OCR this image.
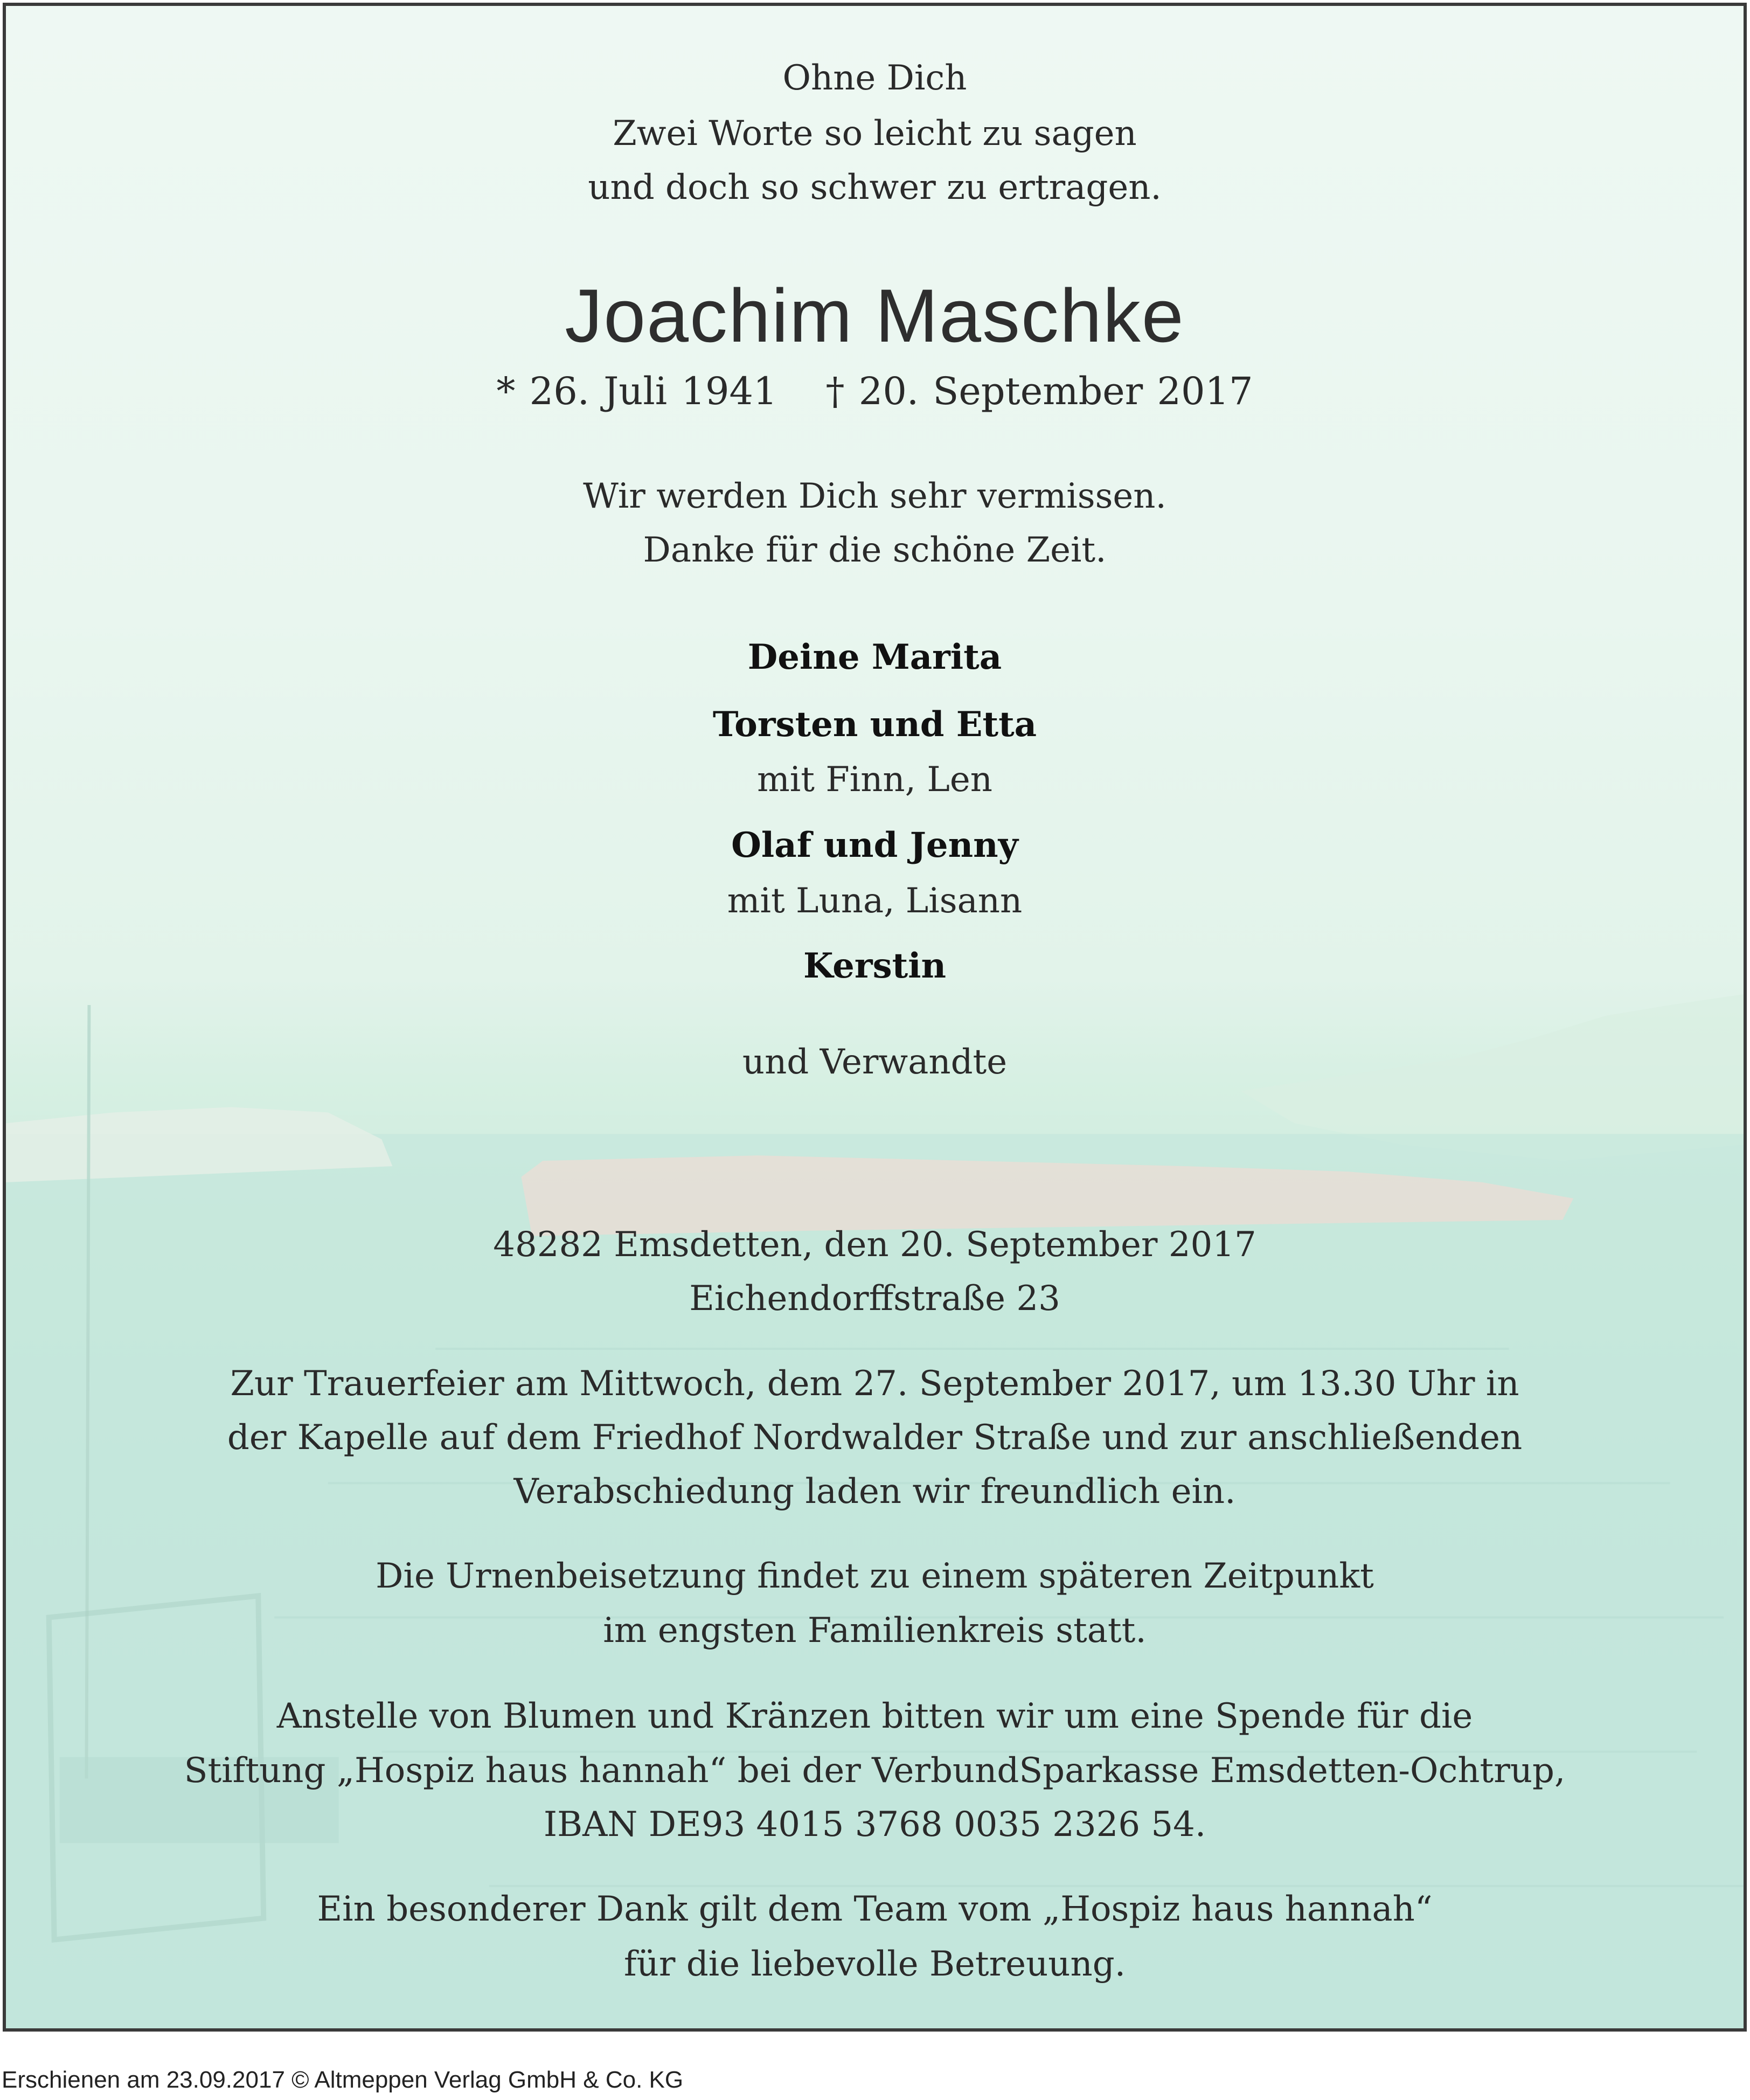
Ohne Dich
Zwei Worte so leicht zu sagen
und doch so schwer zu ertragen.
Joachim Maschke
* 26. Juli 1941 † 20. September 2017
Wir werden Dich sehr vermissen.
Danke für die schöne Zeit.
Deine Marita
Torsten und Etta
mit Finn, Len
Olaf und Jenny
mit Luna, Lisann
Kerstin
und Verwandte
48282 Emsdetten, den 20. September 2017
Eichendorffstraße 23
Zur Trauerfeier am Mittwoch, dem 27. September 2017, um 13.30 Uhr in
der Kapelle auf dem Friedhof Nordwalder Straße und zur anschließenden
Verabschiedung laden wir freundlich ein.
Die Urnenbeisetzung findet zu einem späteren Zeitpunkt
im engsten Familienkreis statt.
Anstelle von Blumen und Kränzen bitten wir um eine Spende für die
Stiftung „Hospiz haus hannah“ bei der VerbundSparkasse Emsdetten-Ochtrup,
IBAN DE93 4015 3768 0035 2326 54.
Ein besonderer Dank gilt dem Team vom „Hospiz haus hannah“
für die liebevolle Betreuung.
Erschienen am 23.09.2017 © Altmeppen Verlag GmbH & Co. KG
